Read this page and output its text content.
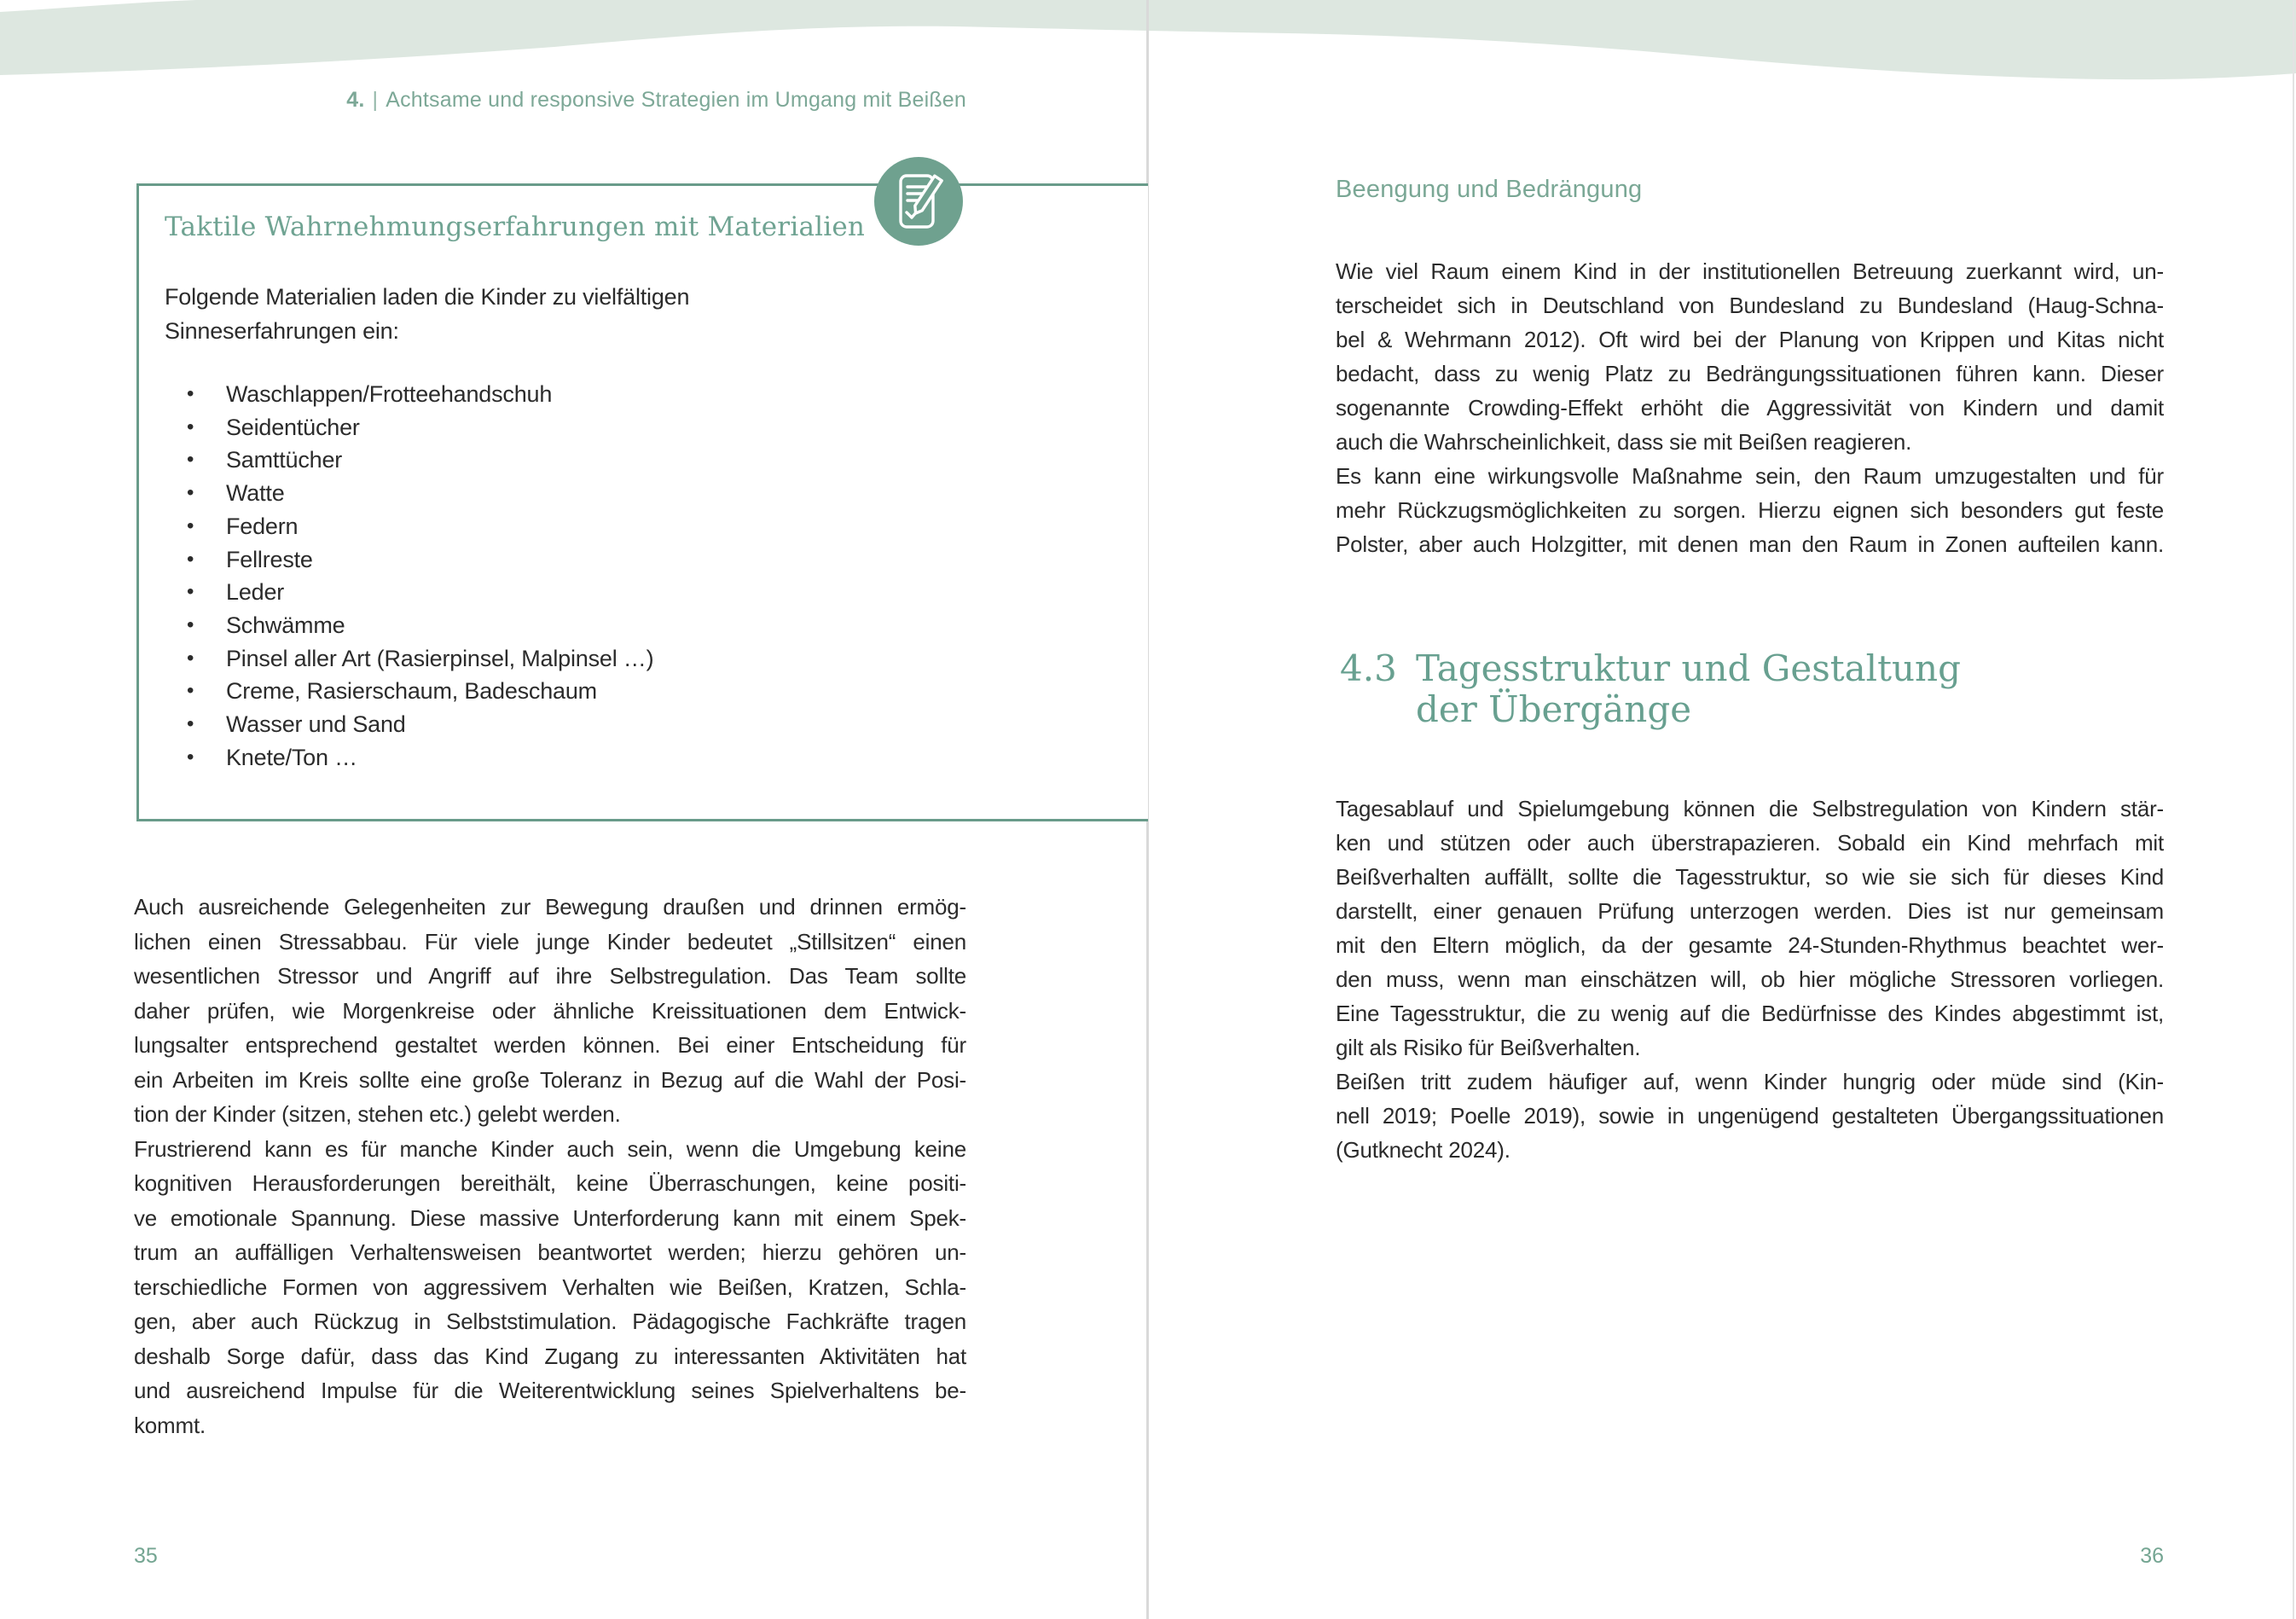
4. | Achtsame und responsive Strategien im Umgang mit Beißen
Taktile Wahrnehmungserfahrungen mit Materialien
Folgende Materialien laden die Kinder zu vielfältigen
Sinneserfahrungen ein:
• Waschlappen/Frotteehandschuh
• Seidentücher
• Samttücher
• Watte
• Federn
• Fellreste
• Leder
• Schwämme
• Pinsel aller Art (Rasierpinsel, Malpinsel …)
• Creme, Rasierschaum, Badeschaum
• Wasser und Sand
• Knete/Ton …
Auch ausreichende Gelegenheiten zur Bewegung draußen und drinnen ermög-
lichen einen Stressabbau. Für viele junge Kinder bedeutet „Stillsitzen“ einen
wesentlichen Stressor und Angriff auf ihre Selbstregulation. Das Team sollte
daher prüfen, wie Morgenkreise oder ähnliche Kreissituationen dem Entwick-
lungsalter entsprechend gestaltet werden können. Bei einer Entscheidung für
ein Arbeiten im Kreis sollte eine große Toleranz in Bezug auf die Wahl der Posi-
tion der Kinder (sitzen, stehen etc.) gelebt werden.
Frustrierend kann es für manche Kinder auch sein, wenn die Umgebung keine
kognitiven Herausforderungen bereithält, keine Überraschungen, keine positi-
ve emotionale Spannung. Diese massive Unterforderung kann mit einem Spek-
trum an auffälligen Verhaltensweisen beantwortet werden; hierzu gehören un-
terschiedliche Formen von aggressivem Verhalten wie Beißen, Kratzen, Schla-
gen, aber auch Rückzug in Selbststimulation. Pädagogische Fachkräfte tragen
deshalb Sorge dafür, dass das Kind Zugang zu interessanten Aktivitäten hat
und ausreichend Impulse für die Weiterentwicklung seines Spielverhaltens be-
kommt.
35
Beengung und Bedrängung
Wie viel Raum einem Kind in der institutionellen Betreuung zuerkannt wird, un-
terscheidet sich in Deutschland von Bundesland zu Bundesland (Haug-Schna-
bel & Wehrmann 2012). Oft wird bei der Planung von Krippen und Kitas nicht
bedacht, dass zu wenig Platz zu Bedrängungssituationen führen kann. Dieser
sogenannte Crowding-Effekt erhöht die Aggressivität von Kindern und damit
auch die Wahrscheinlichkeit, dass sie mit Beißen reagieren.
Es kann eine wirkungsvolle Maßnahme sein, den Raum umzugestalten und für
mehr Rückzugsmöglichkeiten zu sorgen. Hierzu eignen sich besonders gut feste
Polster, aber auch Holzgitter, mit denen man den Raum in Zonen aufteilen kann.
4.3 Tagesstruktur und Gestaltung
der Übergänge
Tagesablauf und Spielumgebung können die Selbstregulation von Kindern stär-
ken und stützen oder auch überstrapazieren. Sobald ein Kind mehrfach mit
Beißverhalten auffällt, sollte die Tagesstruktur, so wie sie sich für dieses Kind
darstellt, einer genauen Prüfung unterzogen werden. Dies ist nur gemeinsam
mit den Eltern möglich, da der gesamte 24-Stunden-Rhythmus beachtet wer-
den muss, wenn man einschätzen will, ob hier mögliche Stressoren vorliegen.
Eine Tagesstruktur, die zu wenig auf die Bedürfnisse des Kindes abgestimmt ist,
gilt als Risiko für Beißverhalten.
Beißen tritt zudem häufiger auf, wenn Kinder hungrig oder müde sind (Kin-
nell 2019; Poelle 2019), sowie in ungenügend gestalteten Übergangssituationen
(Gutknecht 2024).
36
